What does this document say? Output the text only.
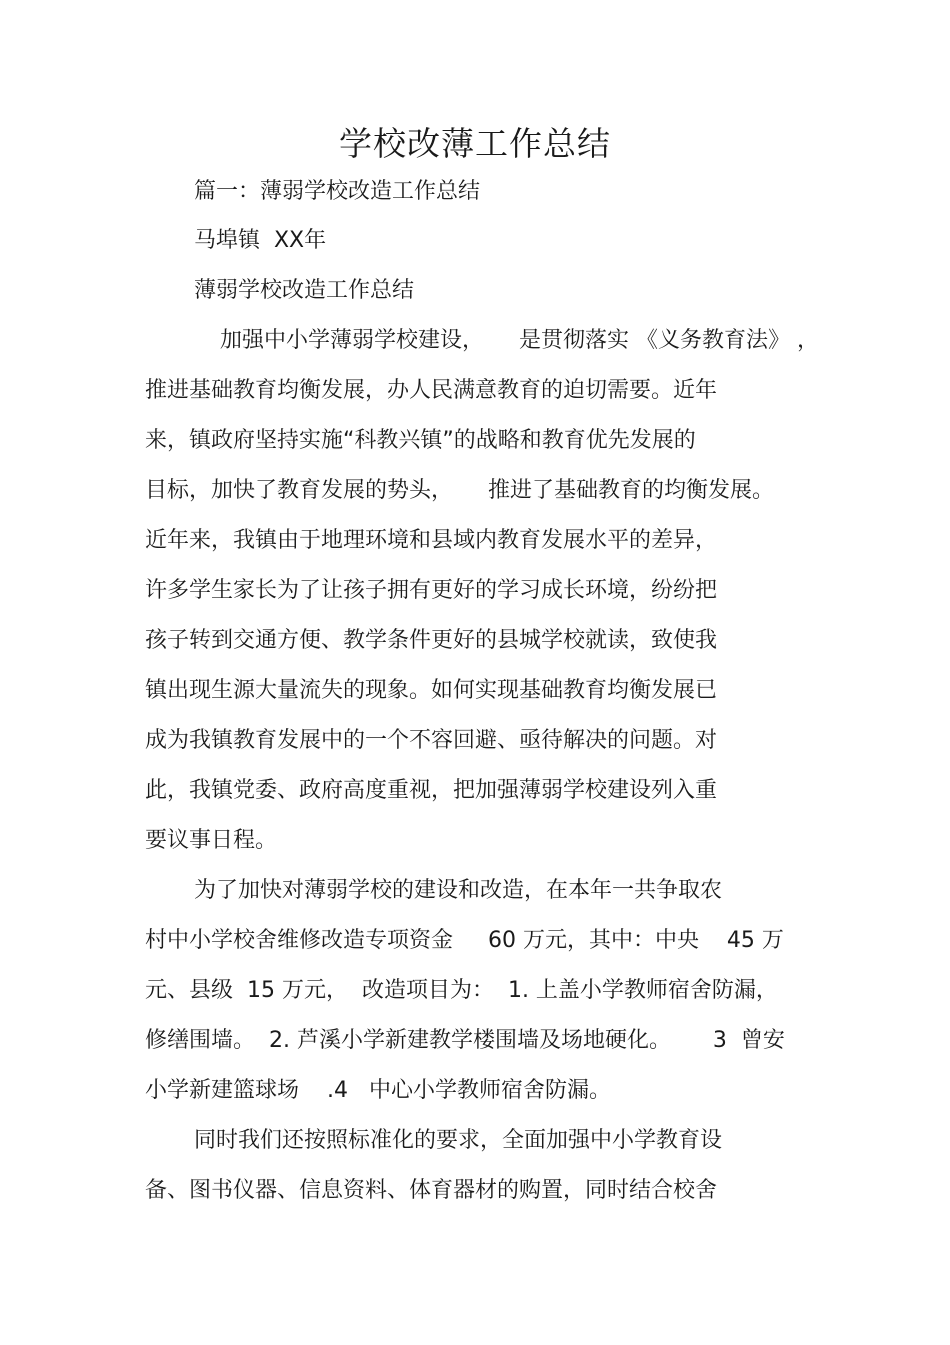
学校改薄工作总结
篇一：薄弱学校改造工作总结
马埠镇  XX年
薄弱学校改造工作总结
加强中小学薄弱学校建设，     是贯彻落实 《义务教育法》 ，
推进基础教育均衡发展，办人民满意教育的迫切需要。近年
来，镇政府坚持实施“科教兴镇”的战略和教育优先发展的
目标，加快了教育发展的势头，     推进了基础教育的均衡发展。
近年来，我镇由于地理环境和县域内教育发展水平的差异，
许多学生家长为了让孩子拥有更好的学习成长环境，纷纷把
孩子转到交通方便、教学条件更好的县城学校就读，致使我
镇出现生源大量流失的现象。如何实现基础教育均衡发展已
成为我镇教育发展中的一个不容回避、亟待解决的问题。对
此，我镇党委、政府高度重视，把加强薄弱学校建设列入重
要议事日程。
为了加快对薄弱学校的建设和改造，在本年一共争取农
村中小学校舍维修改造专项资金     60 万元，其中：中央    45 万
元、县级  15 万元，  改造项目为：  1. 上盖小学教师宿舍防漏，
修缮围墙。  2. 芦溪小学新建教学楼围墙及场地硬化。      3  曾安
小学新建篮球场    .4   中心小学教师宿舍防漏。
同时我们还按照标准化的要求，全面加强中小学教育设
备、图书仪器、信息资料、体育器材的购置，同时结合校舍
